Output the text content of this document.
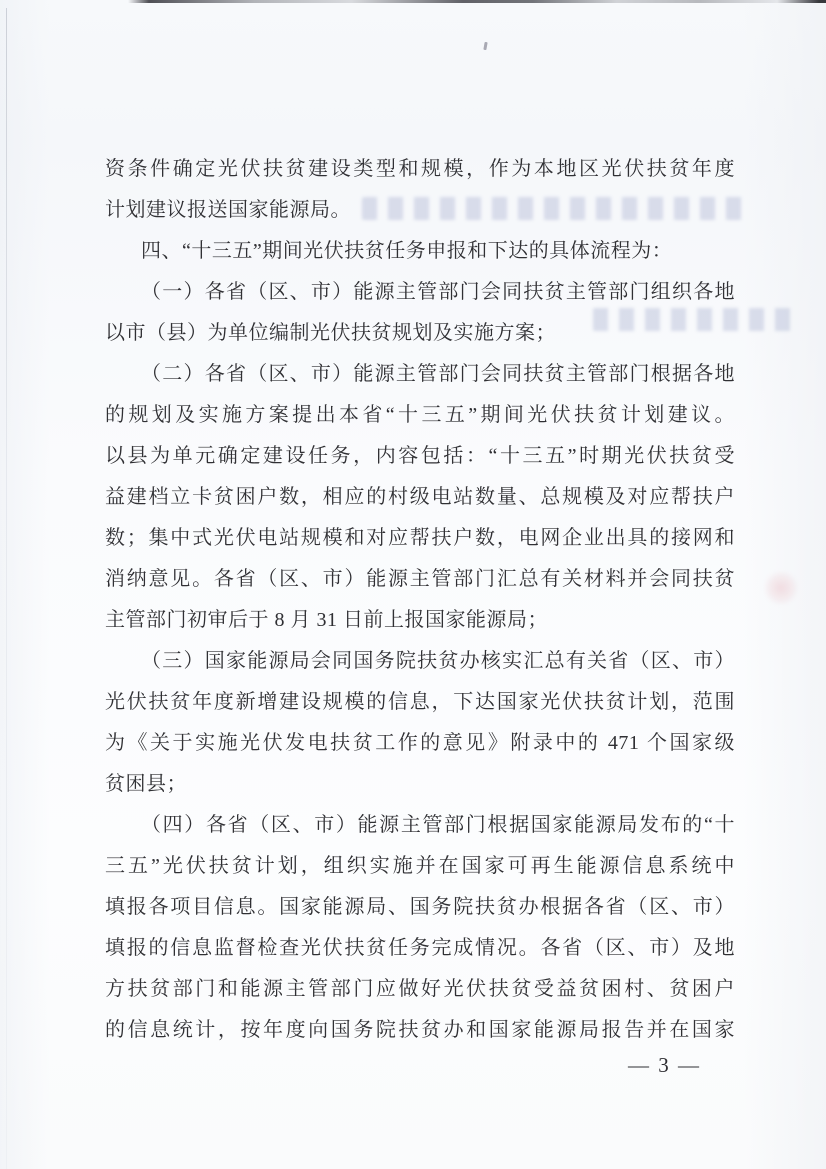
资条件确定光伏扶贫建设类型和规模，作为本地区光伏扶贫年度
计划建议报送国家能源局。
四、“十三五”期间光伏扶贫任务申报和下达的具体流程为：
（一）各省（区、市）能源主管部门会同扶贫主管部门组织各地
以市（县）为单位编制光伏扶贫规划及实施方案；
（二）各省（区、市）能源主管部门会同扶贫主管部门根据各地
的规划及实施方案提出本省“十三五”期间光伏扶贫计划建议。
以县为单元确定建设任务，内容包括：“十三五”时期光伏扶贫受
益建档立卡贫困户数，相应的村级电站数量、总规模及对应帮扶户
数；集中式光伏电站规模和对应帮扶户数，电网企业出具的接网和
消纳意见。各省（区、市）能源主管部门汇总有关材料并会同扶贫
主管部门初审后于 8 月 31 日前上报国家能源局；
（三）国家能源局会同国务院扶贫办核实汇总有关省（区、市）
光伏扶贫年度新增建设规模的信息，下达国家光伏扶贫计划，范围
为《关于实施光伏发电扶贫工作的意见》附录中的 471 个国家级
贫困县；
（四）各省（区、市）能源主管部门根据国家能源局发布的“十
三五”光伏扶贫计划，组织实施并在国家可再生能源信息系统中
填报各项目信息。国家能源局、国务院扶贫办根据各省（区、市）
填报的信息监督检查光伏扶贫任务完成情况。各省（区、市）及地
方扶贫部门和能源主管部门应做好光伏扶贫受益贫困村、贫困户
的信息统计，按年度向国务院扶贫办和国家能源局报告并在国家
— 3 —
